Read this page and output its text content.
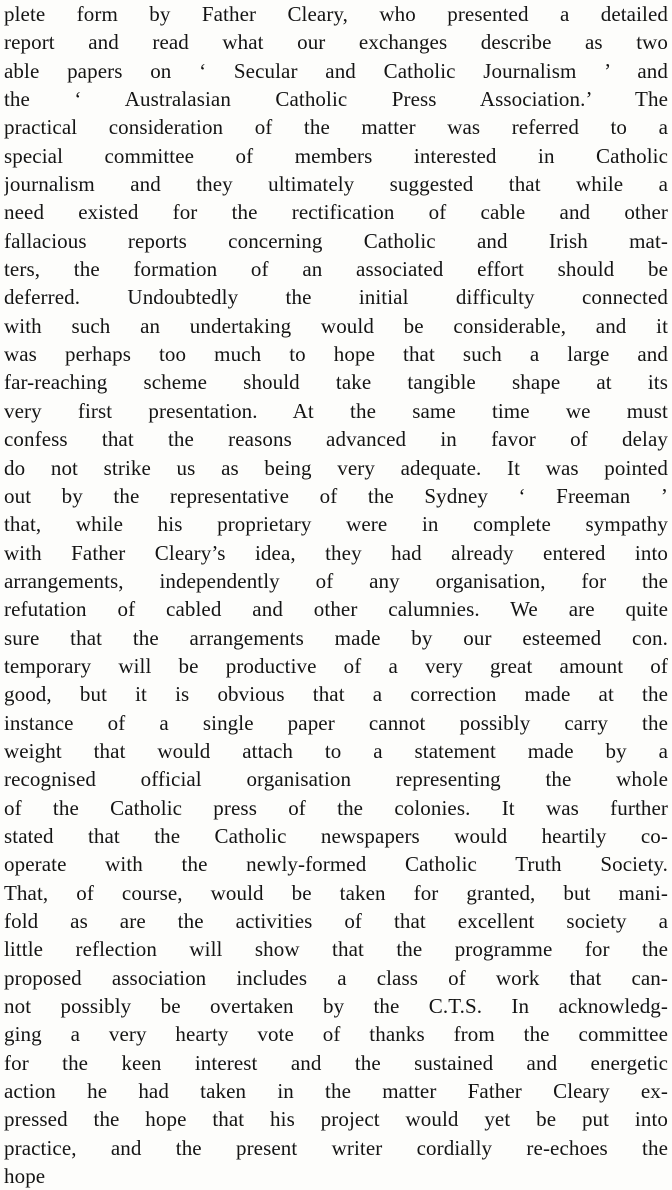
plete form by Father Cleary, who presented a detailed
report and read what our exchanges describe as two
able papers on ‘ Secular and Catholic Journalism ’ and
the ‘ Australasian Catholic Press Association.’ The
practical consideration of the matter was referred to a
special committee of members interested in Catholic
journalism and they ultimately suggested that while a
need existed for the rectification of cable and other
fallacious reports concerning Catholic and Irish mat-
ters, the formation of an associated effort should be
deferred. Undoubtedly the initial difficulty connected
with such an undertaking would be considerable, and it
was perhaps too much to hope that such a large and
far-reaching scheme should take tangible shape at its
very first presentation. At the same time we must
confess that the reasons advanced in favor of delay
do not strike us as being very adequate. It was pointed
out by the representative of the Sydney ‘ Freeman ’
that, while his proprietary were in complete sympathy
with Father Cleary’s idea, they had already entered into
arrangements, independently of any organisation, for the
refutation of cabled and other calumnies. We are quite
sure that the arrangements made by our esteemed con.
temporary will be productive of a very great amount of
good, but it is obvious that a correction made at the
instance of a single paper cannot possibly carry the
weight that would attach to a statement made by a
recognised official organisation representing the whole
of the Catholic press of the colonies. It was further
stated that the Catholic newspapers would heartily co-
operate with the newly-formed Catholic Truth Society.
That, of course, would be taken for granted, but mani-
fold as are the activities of that excellent society a
little reflection will show that the programme for the
proposed association includes a class of work that can-
not possibly be overtaken by the C.T.S. In acknowledg-
ging a very hearty vote of thanks from the committee
for the keen interest and the sustained and energetic
action he had taken in the matter Father Cleary ex-
pressed the hope that his project would yet be put into
practice, and the present writer cordially re-echoes the
hope
